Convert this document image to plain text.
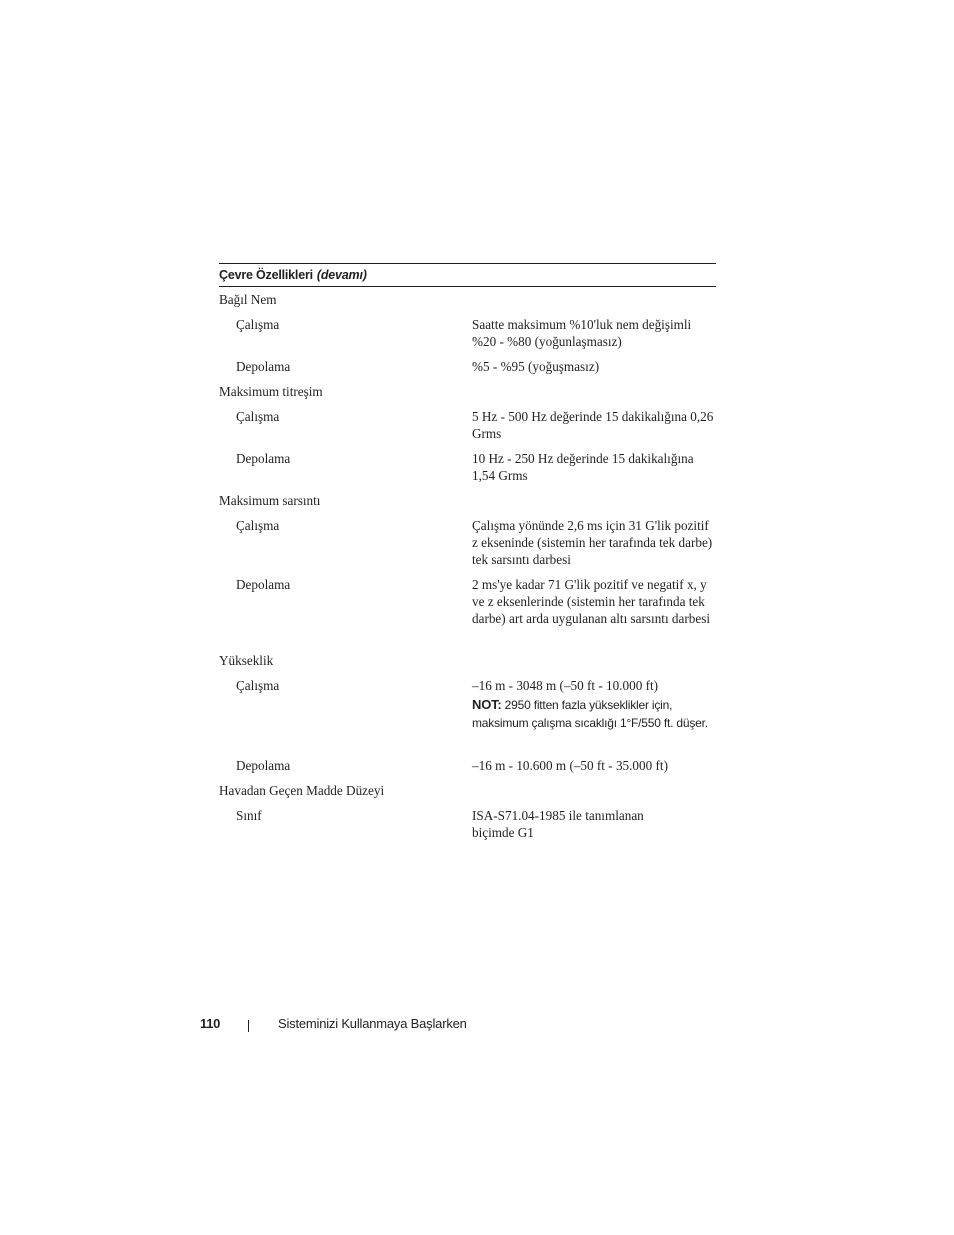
Çevre Özellikleri (devamı)
Bağıl Nem
Çalışma	Saatte maksimum %10'luk nem değişimli %20 - %80 (yoğunlaşmasız)
Depolama	%5 - %95 (yoğuşmasız)
Maksimum titreşim
Çalışma	5 Hz - 500 Hz değerinde 15 dakikalığına 0,26 Grms
Depolama	10 Hz - 250 Hz değerinde 15 dakikalığına 1,54 Grms
Maksimum sarsıntı
Çalışma	Çalışma yönünde 2,6 ms için 31 G'lik pozitif z ekseninde (sistemin her tarafında tek darbe) tek sarsıntı darbesi
Depolama	2 ms'ye kadar 71 G'lik pozitif ve negatif x, y ve z eksenlerinde (sistemin her tarafında tek darbe) art arda uygulanan altı sarsıntı darbesi
Yükseklik
Çalışma	–16 m - 3048 m (–50 ft - 10.000 ft)
NOT: 2950 fitten fazla yükseklikler için, maksimum çalışma sıcaklığı 1°F/550 ft. düşer.
Depolama	–16 m - 10.600 m (–50 ft - 35.000 ft)
Havadan Geçen Madde Düzeyi
Sınıf	ISA-S71.04-1985 ile tanımlanan biçimde G1
110	Sisteminizi Kullanmaya Başlarken
